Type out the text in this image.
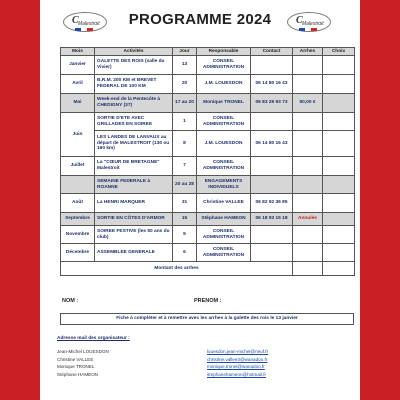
C Malestroit PROGRAMME 2024	C Malestroit
Mois	Activités	Jour	Responsable	Contact	Arrhes	Choix
Janvier	GALETTE DES ROIS (salle du Vivier)	13	CONSEIL ADMINISTRATION			
Avril	B.R.M. 200 KM et BREVET FEDERAL DE 100 KM	20	J.M. LOUESDON	06 14 80 16 43		
Mai	Week-end de la Pentecôte à CHEDIGNY (37)	17 au 20	Monique TRONEL	06 83 29 93 73	50,00 €	
Juin	SORTIE D'ETE AVEC GRILLADES EN SOIREE	1	CONSEIL ADMINISTRATION			
	LES LANDES DE LANVAUX au départ de MALESTROIT (130 ou 160 km)	8	J.M. LOUESDON	06 14 80 16 43		
Juillet	La "CŒUR DE BRETAGNE" Malestroit	7	CONSEIL ADMINISTRATION			
	SEMAINE FEDERALE à ROANNE	20 au 28	ENGAGEMENTS INDIVIDUELS			
Août	La HENRI MARQUER	31	Christine VALLEE	06 82 92 36 85		
Septembre	SORTIE EN CÔTES D'ARMOR	15	Stéphane HAMEON	06 18 93 15 18	Annulée	
Novembre	SOIREE FESTIVE (les 50 ans du club)	9	CONSEIL ADMINISTRATION			
Décembre	ASSEMBLEE GENERALE	6	CONSEIL ADMINISTRATION			
Montant des arrhes						
NOM :	PRENOM :
Fiche à compléter et à remettre avec les arrhes à la galette des rois le 13 janvier
Adresse mail des organisateur :
Jean-Michel LOUESDON	louesdon.jean-michel@neuf.fr
Christine VALLEE	christine.vallee3@wanadoo.fr
Monique TRONEL	monique.tronel@wanadoo.fr
Stéphane HAMEON	stephanehameon@hotmail.fr
